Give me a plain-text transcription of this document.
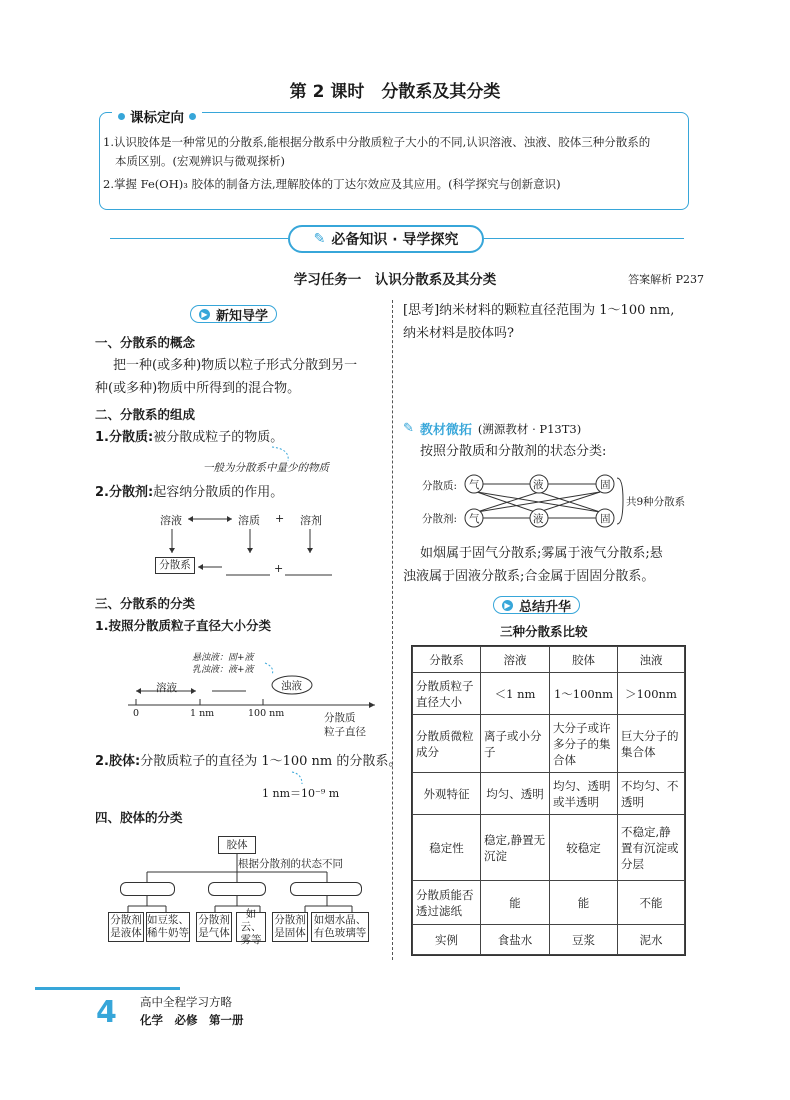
第 2 课时　分散系及其分类
课标定向
1.认识胶体是一种常见的分散系,能根据分散系中分散质粒子大小的不同,认识溶液、浊液、胶体三种分散系的
本质区别。(宏观辨识与微观探析)
2.掌握 Fe(OH)₃ 胶体的制备方法,理解胶体的丁达尔效应及其应用。(科学探究与创新意识)
✎ 必备知识 · 导学探究
学习任务一　认识分散系及其分类	答案解析 P237
▶ 新知导学
一、分散系的概念
把一种(或多种)物质以粒子形式分散到另一
种(或多种)物质中所得到的混合物。
二、分散系的组成
1.分散质:被分散成粒子的物质。
一般为分散系中量少的物质
2.分散剂:起容纳分散质的作用。
溶液	溶质 + 溶剂
分散系	+
三、分散系的分类
1.按照分散质粒子直径大小分类
悬浊液：固+液
乳浊液：液+液
溶液	浊液
0	1 nm	100 nm	分散质
粒子直径
2.胶体:分散质粒子的直径为 1～100 nm 的分散系。
1 nm＝10⁻⁹ m
四、胶体的分类
胶体
根据分散剂的状态不同
分散剂
是液体
如豆浆、
稀牛奶等
分散剂
是气体
如云、
雾等
分散剂
是固体
如烟水晶、
有色玻璃等
[思考]纳米材料的颗粒直径范围为 1～100 nm,
纳米材料是胶体吗?
✎ 教材微拓 (溯源教材 · P13T3)
按照分散质和分散剂的状态分类:
分散质:
分散剂:
气	液	固
气	液	固
共9种分散系
如烟属于固气分散系;雾属于液气分散系;悬
浊液属于固液分散系;合金属于固固分散系。
▶ 总结升华
三种分散系比较
分散系	溶液	胶体	浊液
分散质粒子直径大小	＜1 nm	1～100nm	＞100nm
分散质微粒成分	离子或小分子	大分子或许多分子的集合体	巨大分子的集合体
外观特征	均匀、透明	均匀、透明或半透明	不均匀、不透明
稳定性	稳定,静置无沉淀	较稳定	不稳定,静置有沉淀或分层
分散质能否透过滤纸	能	能	不能
实例	食盐水	豆浆	泥水
4 高中全程学习方略
化学　必修　第一册
